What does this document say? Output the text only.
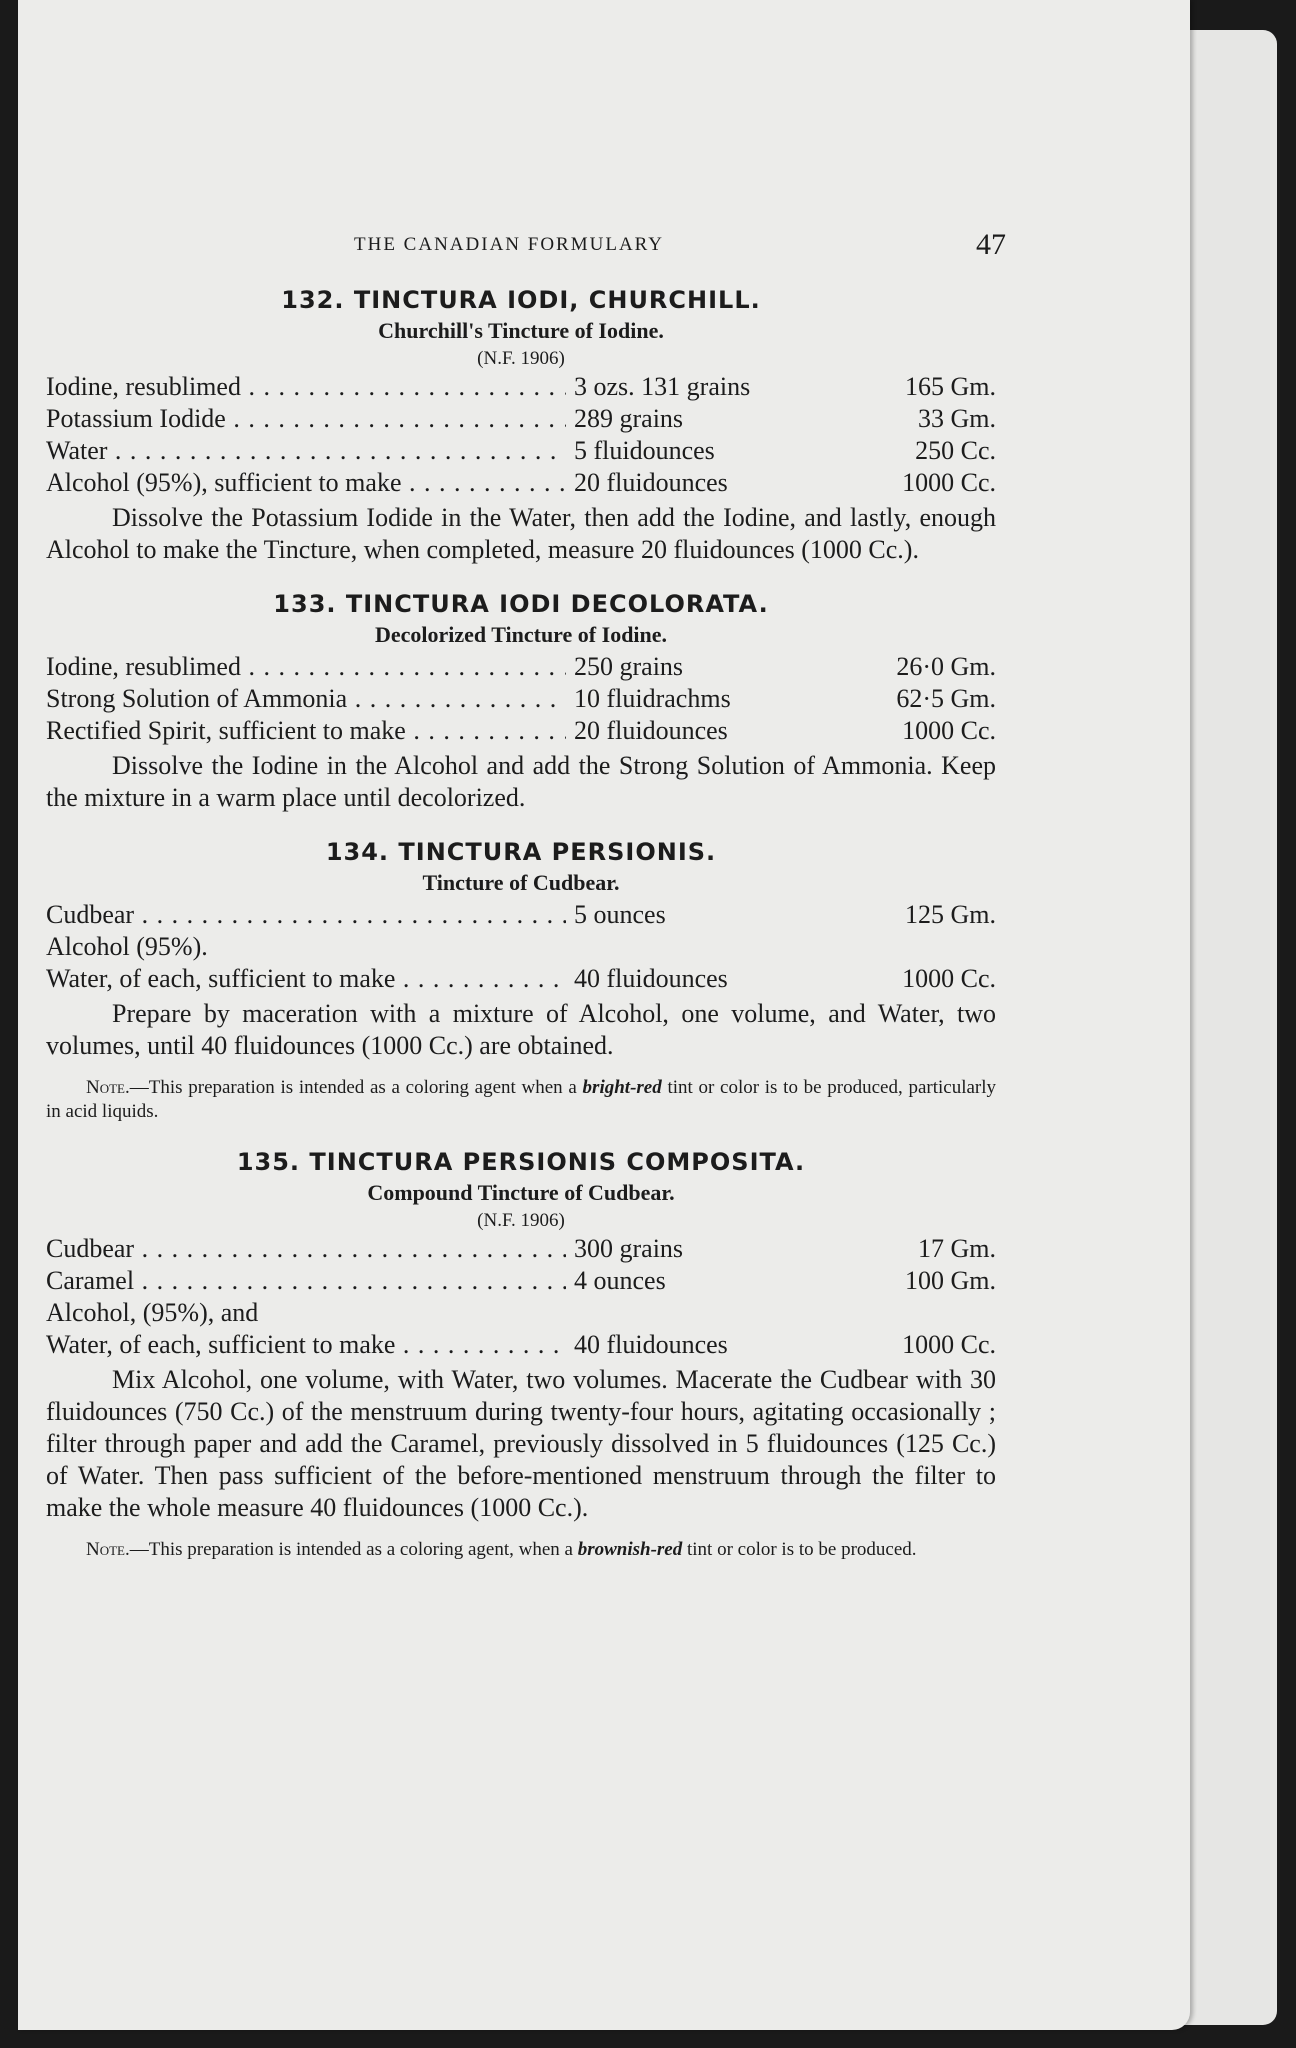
THE CANADIAN FORMULARY	47
132. TINCTURA IODI, CHURCHILL.
Churchill's Tincture of Iodine.
(N.F. 1906)
Iodine, resublimed . . .	3 ozs. 131 grains	165 Gm.
Potassium Iodide . . .	289 grains	33 Gm.
Water . . .	5 fluidounces	250 Cc.
Alcohol (95%), sufficient to make . . .	20 fluidounces	1000 Cc.

Dissolve the Potassium Iodide in the Water, then add the Iodine, and lastly, enough Alcohol to make the Tincture, when completed, measure 20 fluidounces (1000 Cc.).

133. TINCTURA IODI DECOLORATA.
Decolorized Tincture of Iodine.
Iodine, resublimed . . .	250 grains	26·0 Gm.
Strong Solution of Ammonia . . .	10 fluidrachms	62·5 Gm.
Rectified Spirit, sufficient to make . . .	20 fluidounces	1000 Cc.

Dissolve the Iodine in the Alcohol and add the Strong Solution of Ammonia. Keep the mixture in a warm place until decolorized.

134. TINCTURA PERSIONIS.
Tincture of Cudbear.
Cudbear . . .	5 ounces	125 Gm.
Alcohol (95%).
Water, of each, sufficient to make . . .	40 fluidounces	1000 Cc.

Prepare by maceration with a mixture of Alcohol, one volume, and Water, two volumes, until 40 fluidounces (1000 Cc.) are obtained.

Note.—This preparation is intended as a coloring agent when a bright-red tint or color is to be produced, particularly in acid liquids.

135. TINCTURA PERSIONIS COMPOSITA.
Compound Tincture of Cudbear.
(N.F. 1906)
Cudbear . . .	300 grains	17 Gm.
Caramel . . .	4 ounces	100 Gm.
Alcohol, (95%), and
Water, of each, sufficient to make . . .	40 fluidounces	1000 Cc.

Mix Alcohol, one volume, with Water, two volumes. Macerate the Cudbear with 30 fluidounces (750 Cc.) of the menstruum during twenty-four hours, agitating occasionally ; filter through paper and add the Caramel, previously dissolved in 5 fluidounces (125 Cc.) of Water. Then pass sufficient of the before-mentioned menstruum through the filter to make the whole measure 40 fluidounces (1000 Cc.).

Note.—This preparation is intended as a coloring agent, when a brownish-red tint or color is to be produced.
